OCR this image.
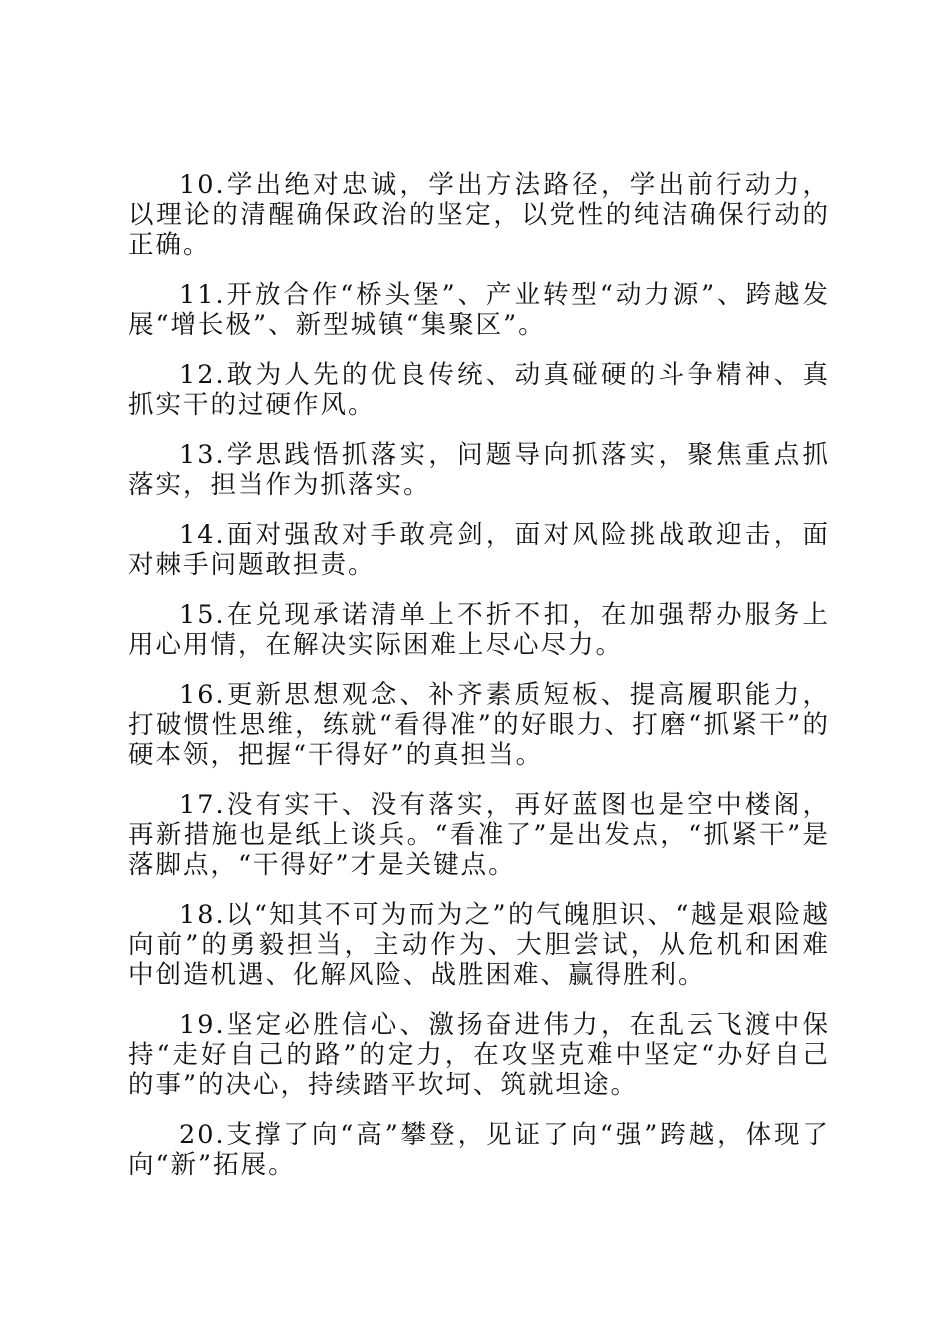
10.学出绝对忠诚，学出方法路径，学出前行动力，以理论的清醒确保政治的坚定，以党性的纯洁确保行动的正确。

11.开放合作“桥头堡”、产业转型“动力源”、跨越发展“增长极”、新型城镇“集聚区”。

12.敢为人先的优良传统、动真碰硬的斗争精神、真抓实干的过硬作风。

13.学思践悟抓落实，问题导向抓落实，聚焦重点抓落实，担当作为抓落实。

14.面对强敌对手敢亮剑，面对风险挑战敢迎击，面对棘手问题敢担责。

15.在兑现承诺清单上不折不扣，在加强帮办服务上用心用情，在解决实际困难上尽心尽力。

16.更新思想观念、补齐素质短板、提高履职能力，打破惯性思维，练就“看得准”的好眼力、打磨“抓紧干”的硬本领，把握“干得好”的真担当。

17.没有实干、没有落实，再好蓝图也是空中楼阁，再新措施也是纸上谈兵。“看准了”是出发点，“抓紧干”是落脚点，“干得好”才是关键点。

18.以“知其不可为而为之”的气魄胆识、“越是艰险越向前”的勇毅担当，主动作为、大胆尝试，从危机和困难中创造机遇、化解风险、战胜困难、赢得胜利。

19.坚定必胜信心、激扬奋进伟力，在乱云飞渡中保持“走好自己的路”的定力，在攻坚克难中坚定“办好自己的事”的决心，持续踏平坎坷、筑就坦途。

20.支撑了向“高”攀登，见证了向“强”跨越，体现了向“新”拓展。
